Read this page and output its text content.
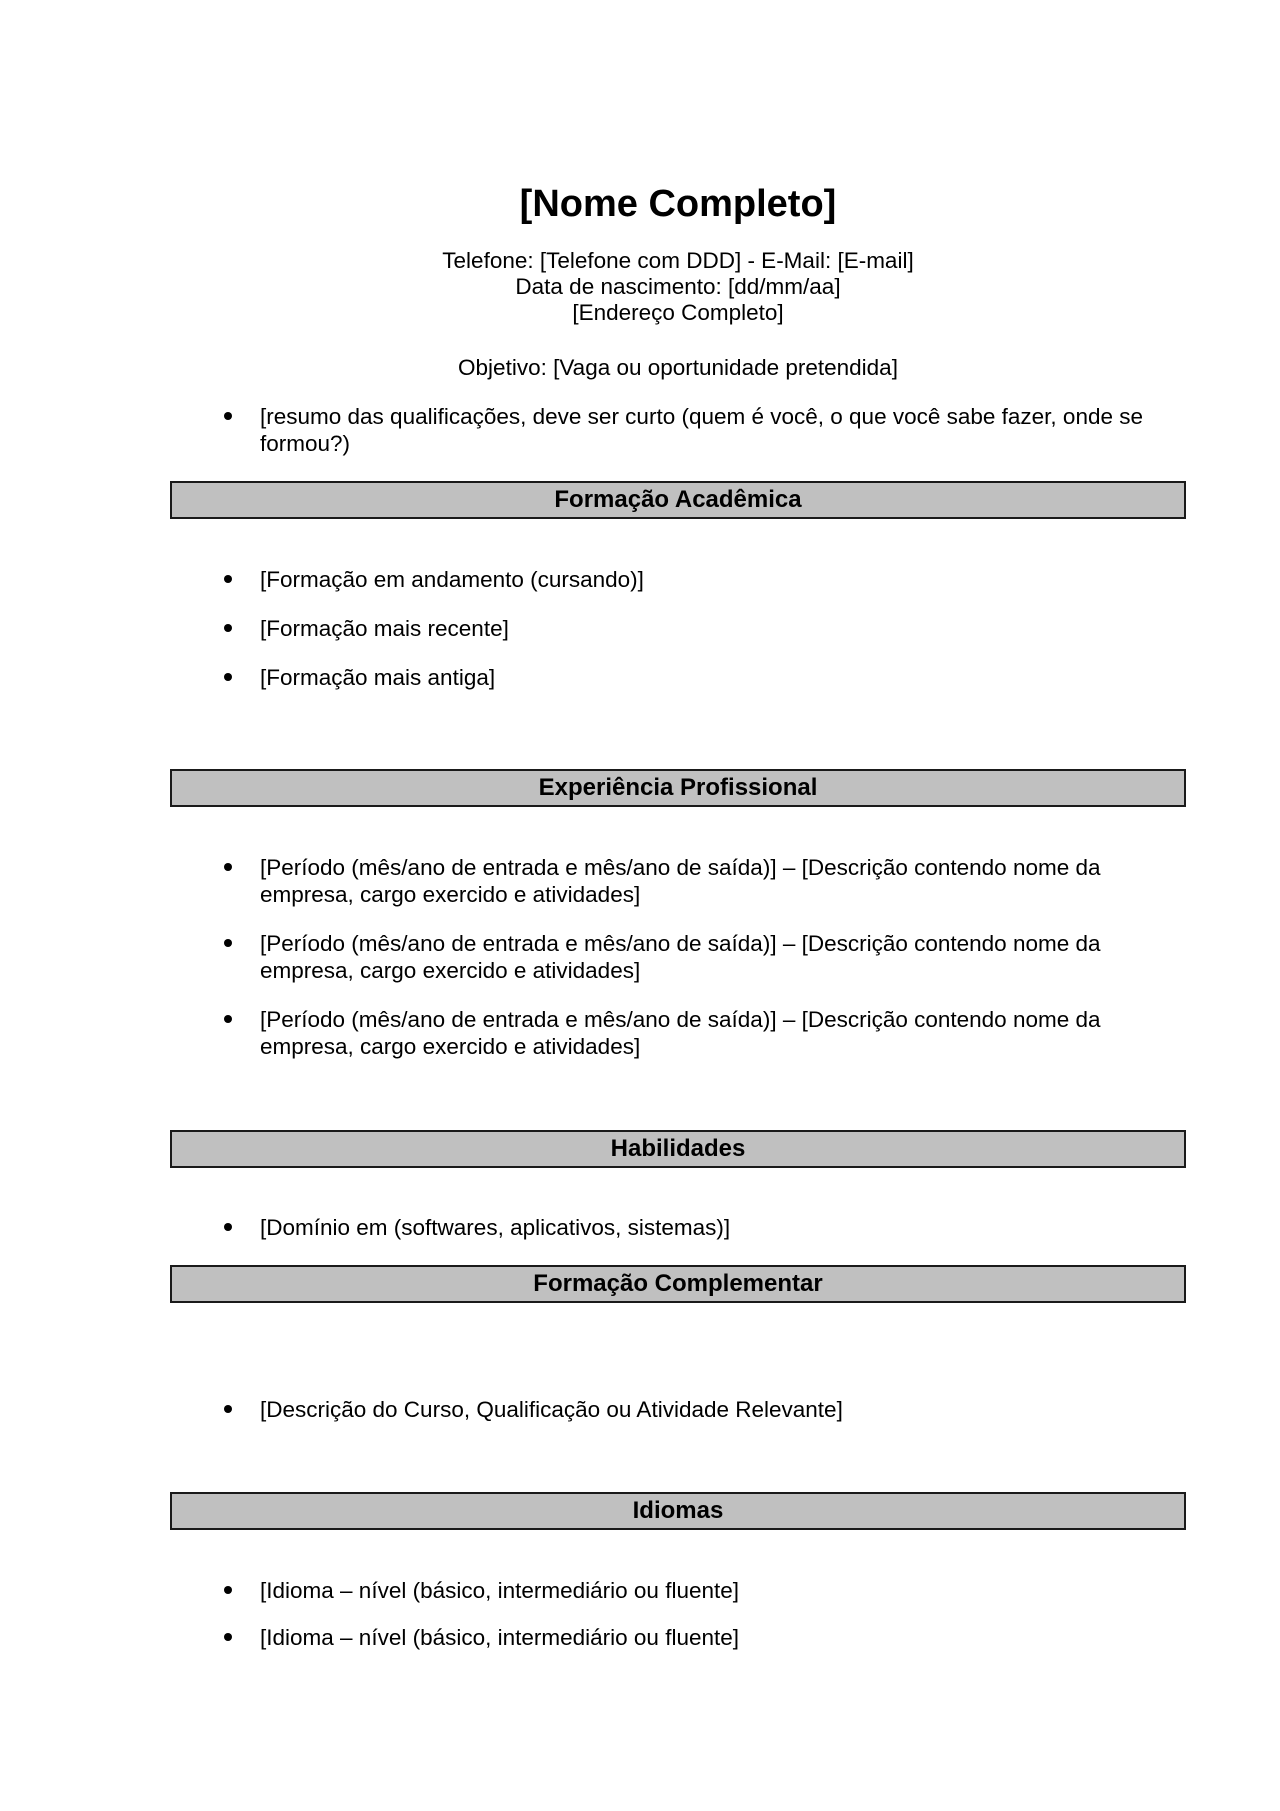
[Nome Completo]
Telefone: [Telefone com DDD] - E-Mail: [E-mail]
Data de nascimento: [dd/mm/aa]
[Endereço Completo]
Objetivo: [Vaga ou oportunidade pretendida]
[resumo das qualificações, deve ser curto (quem é você, o que você sabe fazer, onde se formou?)
Formação Acadêmica
[Formação em andamento (cursando)]
[Formação mais recente]
[Formação mais antiga]
Experiência Profissional
[Período (mês/ano de entrada e mês/ano de saída)] – [Descrição contendo nome da empresa, cargo exercido e atividades]
[Período (mês/ano de entrada e mês/ano de saída)] – [Descrição contendo nome da empresa, cargo exercido e atividades]
[Período (mês/ano de entrada e mês/ano de saída)] – [Descrição contendo nome da empresa, cargo exercido e atividades]
Habilidades
[Domínio em (softwares, aplicativos, sistemas)]
Formação Complementar
[Descrição do Curso, Qualificação ou Atividade Relevante]
Idiomas
[Idioma – nível (básico, intermediário ou fluente]
[Idioma – nível (básico, intermediário ou fluente]
